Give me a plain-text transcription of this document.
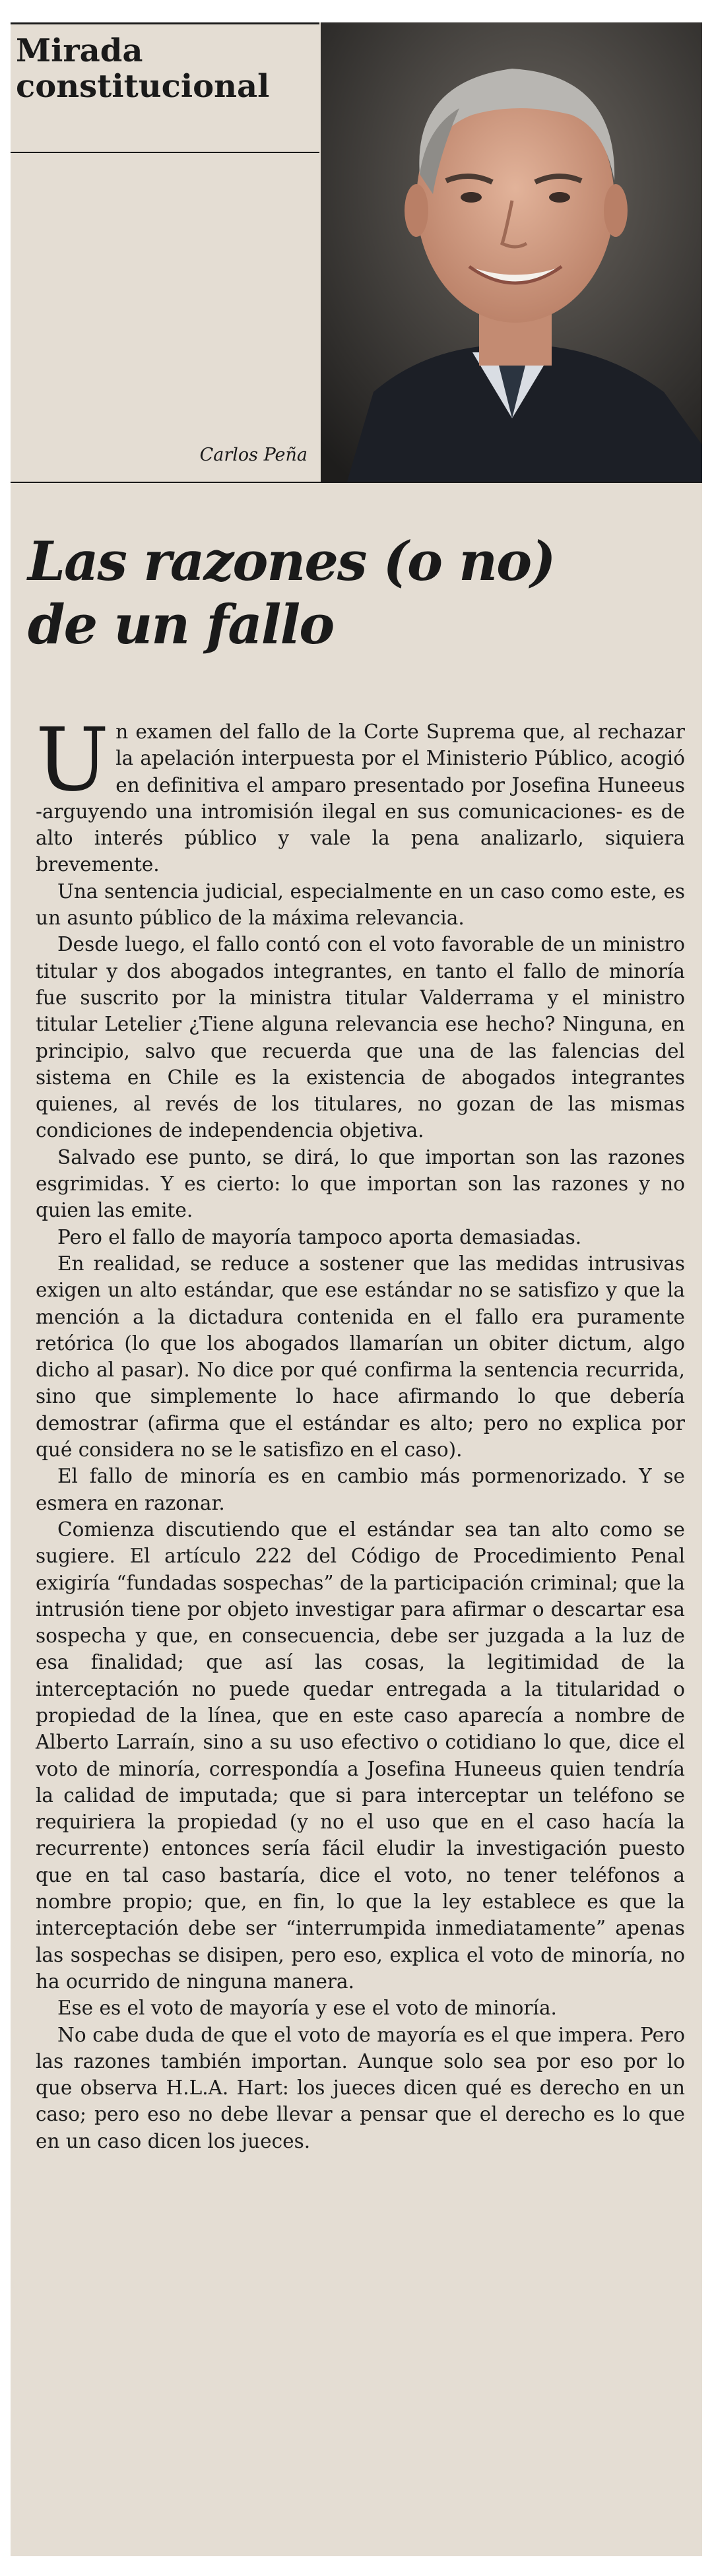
Mirada constitucional
Carlos Peña
Las razones (o no)
de un fallo

Un examen del fallo de la Corte Suprema que, al rechazar la apelación interpuesta por el Ministerio Público, acogió en definitiva el amparo presentado por Josefina Huneeus -arguyendo una intromisión ilegal en sus comunicaciones- es de alto interés público y vale la pena analizarlo, siquiera brevemente.

Una sentencia judicial, especialmente en un caso como este, es un asunto público de la máxima relevancia.

Desde luego, el fallo contó con el voto favorable de un ministro titular y dos abogados integrantes, en tanto el fallo de minoría fue suscrito por la ministra titular Valderrama y el ministro titular Letelier ¿Tiene alguna relevancia ese hecho? Ninguna, en principio, salvo que recuerda que una de las falencias del sistema en Chile es la existencia de abogados integrantes quienes, al revés de los titulares, no gozan de las mismas condiciones de independencia objetiva.

Salvado ese punto, se dirá, lo que importan son las razones esgrimidas. Y es cierto: lo que importan son las razones y no quien las emite.

Pero el fallo de mayoría tampoco aporta demasiadas.

En realidad, se reduce a sostener que las medidas intrusivas exigen un alto estándar, que ese estándar no se satisfizo y que la mención a la dictadura contenida en el fallo era puramente retórica (lo que los abogados llamarían un obiter dictum, algo dicho al pasar). No dice por qué confirma la sentencia recurrida, sino que simplemente lo hace afirmando lo que debería demostrar (afirma que el estándar es alto; pero no explica por qué considera no se le satisfizo en el caso).

El fallo de minoría es en cambio más pormenorizado. Y se esmera en razonar.

Comienza discutiendo que el estándar sea tan alto como se sugiere. El artículo 222 del Código de Procedimiento Penal exigiría “fundadas sospechas” de la participación criminal; que la intrusión tiene por objeto investigar para afirmar o descartar esa sospecha y que, en consecuencia, debe ser juzgada a la luz de esa finalidad; que así las cosas, la legitimidad de la interceptación no puede quedar entregada a la titularidad o propiedad de la línea, que en este caso aparecía a nombre de Alberto Larraín, sino a su uso efectivo o cotidiano lo que, dice el voto de minoría, correspondía a Josefina Huneeus quien tendría la calidad de imputada; que si para interceptar un teléfono se requiriera la propiedad (y no el uso que en el caso hacía la recurrente) entonces sería fácil eludir la investigación puesto que en tal caso bastaría, dice el voto, no tener teléfonos a nombre propio; que, en fin, lo que la ley establece es que la interceptación debe ser “interrumpida inmediatamente” apenas las sospechas se disipen, pero eso, explica el voto de minoría, no ha ocurrido de ninguna manera.

Ese es el voto de mayoría y ese el voto de minoría.

No cabe duda de que el voto de mayoría es el que impera. Pero las razones también importan. Aunque solo sea por eso por lo que observa H.L.A. Hart: los jueces dicen qué es derecho en un caso; pero eso no debe llevar a pensar que el derecho es lo que en un caso dicen los jueces.
